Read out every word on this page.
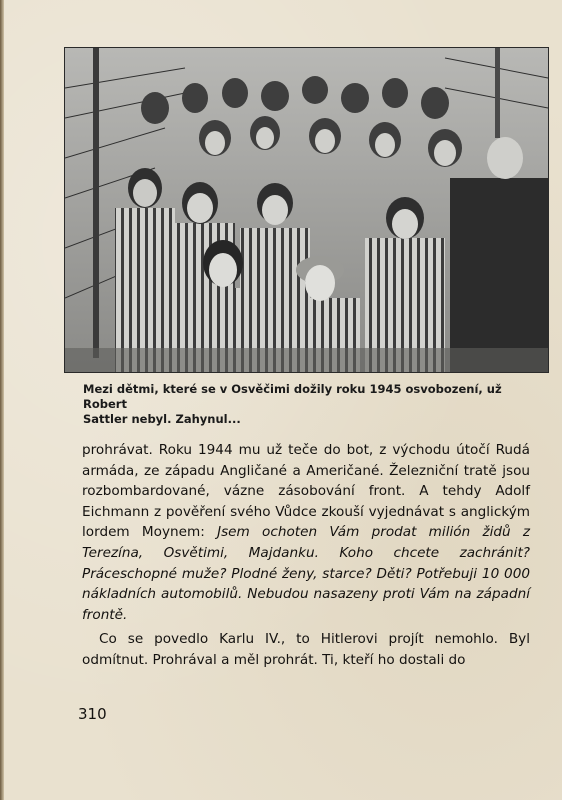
Mezi dětmi, které se v Osvěčimi dožily roku 1945 osvobození, už Robert
Sattler nebyl. Zahynul...

prohrávat. Roku 1944 mu už teče do bot, z východu útočí Rudá armáda, ze západu Angličané a Američané. Železniční tratě jsou rozbombardované, vázne zásobování front. A tehdy Adolf Eichmann z pověření svého Vůdce zkouší vyjednávat s anglickým lordem Moynem: Jsem ochoten Vám prodat milión židů z Terezína, Osvětimi, Majdanku. Koho chcete zachránit? Práceschopné muže? Plodné ženy, starce? Děti? Potřebuji 10 000 nákladních automobilů. Nebudou nasazeny proti Vám na západní frontě.

Co se povedlo Karlu IV., to Hitlerovi projít nemohlo. Byl odmítnut. Prohrával a měl prohrát. Ti, kteří ho dostali do

310
